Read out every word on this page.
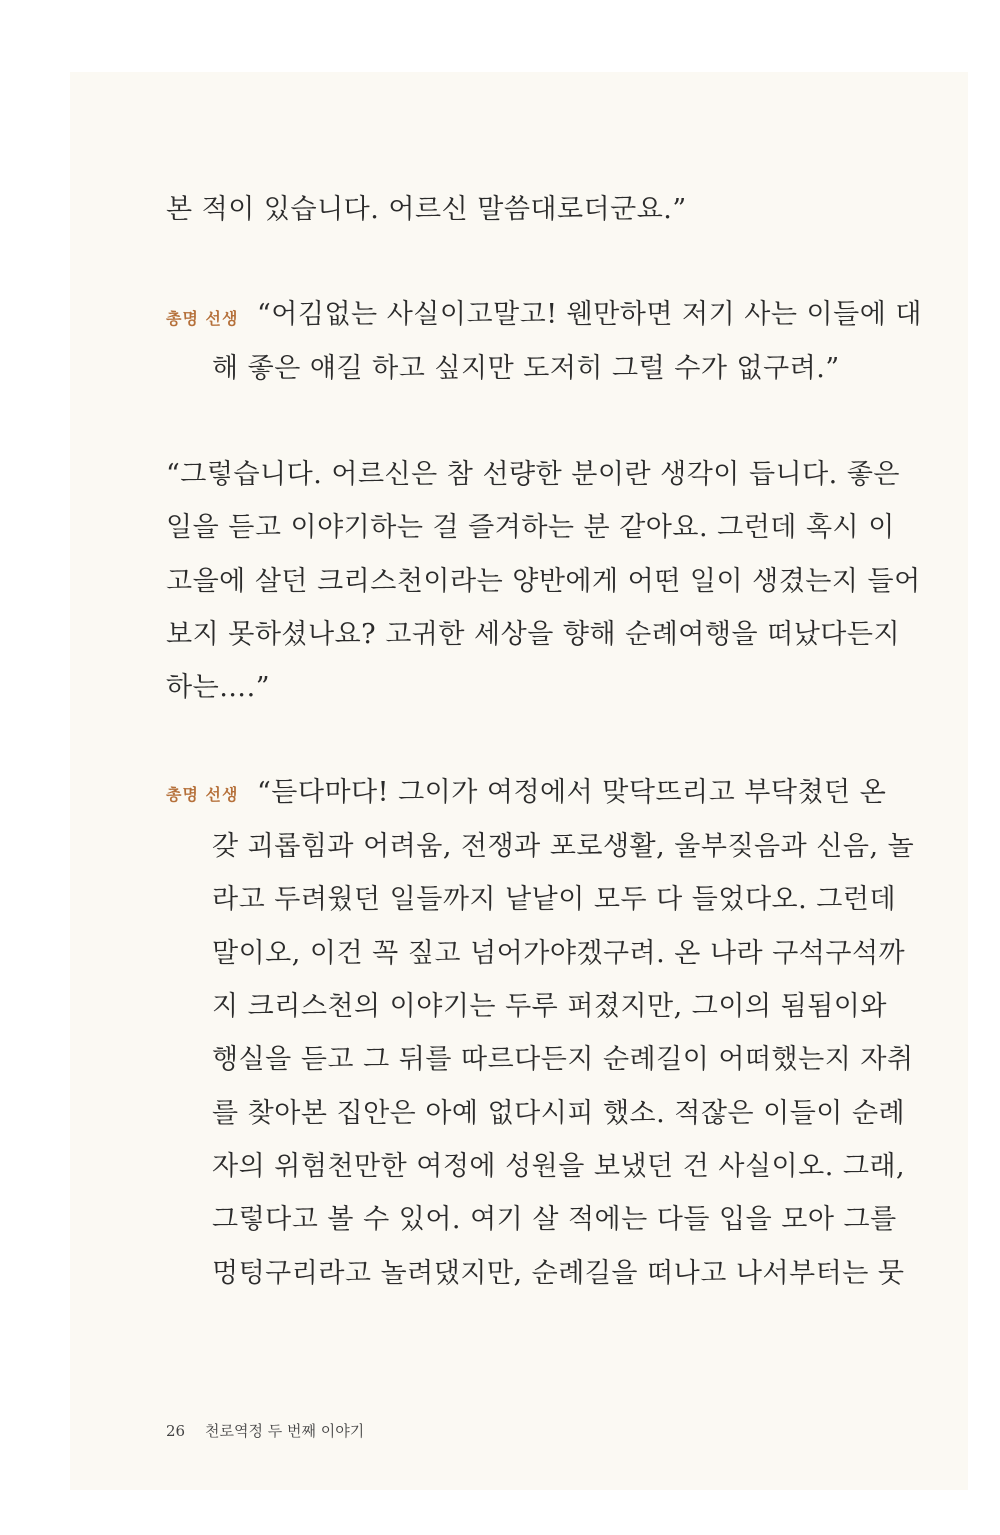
본 적이 있습니다. 어르신 말씀대로더군요.”
총명 선생 “어김없는 사실이고말고! 웬만하면 저기 사는 이들에 대
해 좋은 얘길 하고 싶지만 도저히 그럴 수가 없구려.”
“그렇습니다. 어르신은 참 선량한 분이란 생각이 듭니다. 좋은
일을 듣고 이야기하는 걸 즐겨하는 분 같아요. 그런데 혹시 이
고을에 살던 크리스천이라는 양반에게 어떤 일이 생겼는지 들어
보지 못하셨나요? 고귀한 세상을 향해 순례여행을 떠났다든지
하는….”
총명 선생 “듣다마다! 그이가 여정에서 맞닥뜨리고 부닥쳤던 온
갖 괴롭힘과 어려움, 전쟁과 포로생활, 울부짖음과 신음, 놀
라고 두려웠던 일들까지 낱낱이 모두 다 들었다오. 그런데
말이오, 이건 꼭 짚고 넘어가야겠구려. 온 나라 구석구석까
지 크리스천의 이야기는 두루 퍼졌지만, 그이의 됨됨이와
행실을 듣고 그 뒤를 따르다든지 순례길이 어떠했는지 자취
를 찾아본 집안은 아예 없다시피 했소. 적잖은 이들이 순례
자의 위험천만한 여정에 성원을 보냈던 건 사실이오. 그래,
그렇다고 볼 수 있어. 여기 살 적에는 다들 입을 모아 그를
멍텅구리라고 놀려댔지만, 순례길을 떠나고 나서부터는 뭇
26 천로역정 두 번째 이야기
